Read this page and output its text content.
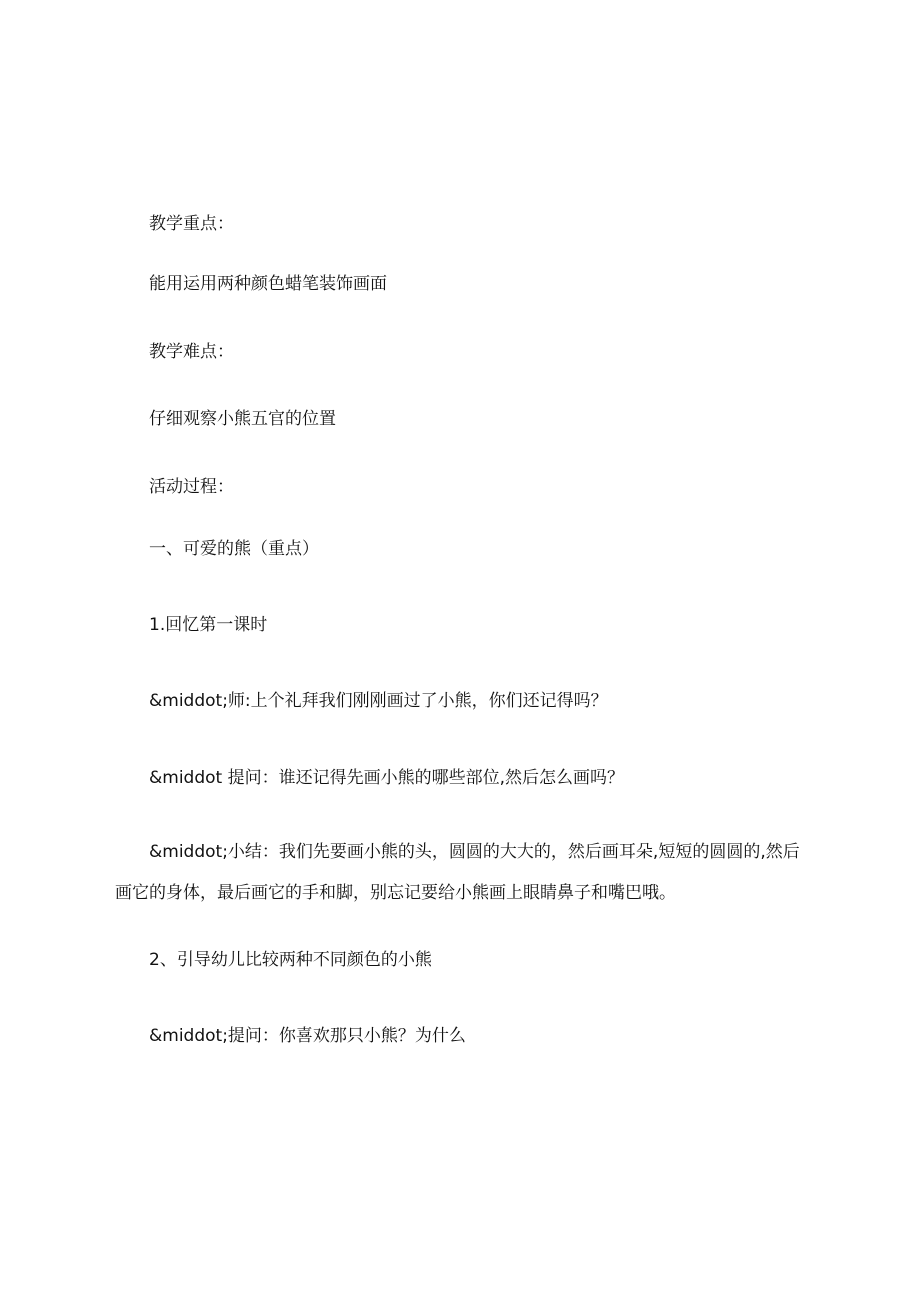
教学重点：
能用运用两种颜色蜡笔装饰画面
教学难点：
仔细观察小熊五官的位置
活动过程：
一、可爱的熊（重点）
1.回忆第一课时
&middot;师:上个礼拜我们刚刚画过了小熊，你们还记得吗？
&middot 提问：谁还记得先画小熊的哪些部位,然后怎么画吗？
&middot;小结：我们先要画小熊的头，圆圆的大大的，然后画耳朵,短短的圆圆的,然后画它的身体，最后画它的手和脚，别忘记要给小熊画上眼睛鼻子和嘴巴哦。
2、引导幼儿比较两种不同颜色的小熊
&middot;提问：你喜欢那只小熊？为什么
